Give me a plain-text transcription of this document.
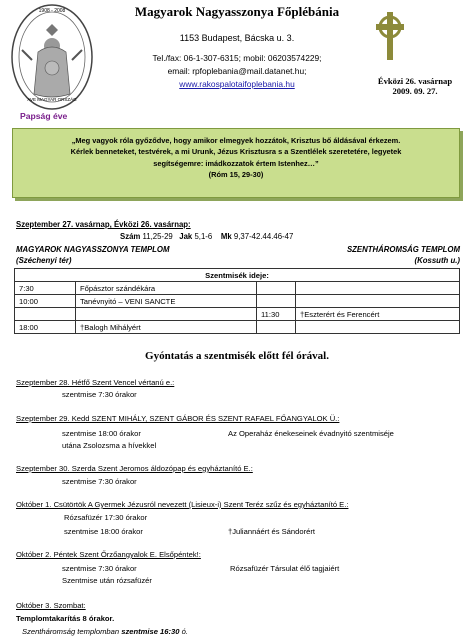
1908 - 2008
AVE MAGYAR ORSZÁG
Magyarok Nagyasszonya Főplébánia
1153 Budapest, Bácska u. 3.
Tel./fax: 06-1-307-6315; mobil: 06203574229;
email: rpfoplebania@mail.datanet.hu;
www.rakospalotaifoplebania.hu	Évközi 26. vasárnap
2009. 09. 27.
Papság éve
„Meg vagyok róla győződve, hogy amikor elmegyek hozzátok, Krisztus bő áldásával érkezem.
Kérlek benneteket, testvérek, a mi Urunk, Jézus Krisztusra s a Szentlélek szeretetére, legyetek
segítségemre: imádkozzatok értem Istenhez…”
(Róm 15, 29-30)
Szeptember 27. vasárnap, Évközi 26. vasárnap:
Szám 11,25-29 Jak 5,1-6 Mk 9,37-42.44.46-47
MAGYAROK NAGYASSZONYA TEMPLOM
(Széchenyi tér)
SZENTHÁROMSÁG TEMPLOM
(Kossuth u.)
Szentmisék ideje:			
7:30	Főpásztor szándékára		
10:00	Tanévnyitó – VENI SANCTE		
		11:30	†Eszterért és Ferencért
18:00	†Balogh Mihályért		
Gyóntatás a szentmisék előtt fél órával.
Szeptember 28. Hétfő Szent Vencel vértanú e.:
szentmise 7:30 órakor
Szeptember 29. Kedd SZENT MIHÁLY, SZENT GÁBOR ÉS SZENT RAFAEL FŐANGYALOK Ü.:
szentmise 18:00 órakor	Az Operaház énekeseinek évadnyitó szentmiséje
utána Zsolozsma a hívekkel
Szeptember 30. Szerda Szent Jeromos áldozópap és egyháztanító E.:
szentmise 7:30 órakor
Október 1. Csütörtök A Gyermek Jézusról nevezett (Lisieux-i) Szent Teréz szűz és egyháztanító E.:
Rózsafüzér 17:30 órakor
szentmise 18:00 órakor	†Juliannáért és Sándorért
Október 2. Péntek Szent Őrzőangyalok E. Elsőpéntek!:
szentmise 7:30 órakor	Rózsafüzér Társulat élő tagjaiért
Szentmise után rózsafüzér
Október 3. Szombat:
Templomtakarítás 8 órakor.
Szentháromság templomban szentmise 16:30 ó.
